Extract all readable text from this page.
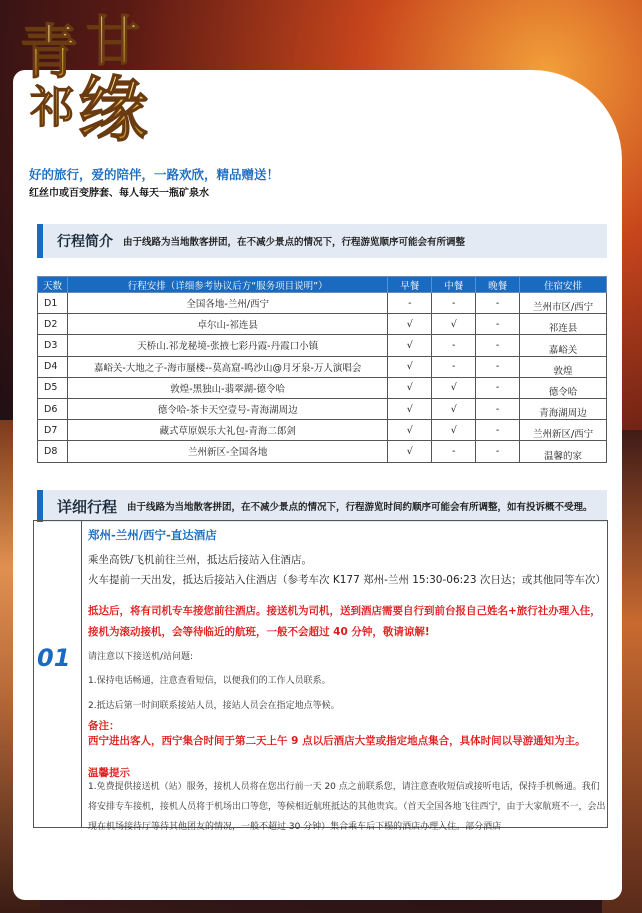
青 甘
祁 缘
好的旅行，爱的陪伴，一路欢欣，精品赠送！
红丝巾或百变脖套、每人每天一瓶矿泉水
行程简介 由于线路为当地散客拼团，在不减少景点的情况下，行程游览顺序可能会有所调整
天数	行程安排（详细参考协议后方“服务项目说明”）	早餐	中餐	晚餐	住宿安排
D1	全国各地-兰州/西宁	-	-	-	兰州市区/西宁
D2	卓尔山-祁连县	√	√	-	祁连县
D3	天桥山.祁龙秘境-张掖七彩丹霞-丹霞口小镇	√	-	-	嘉峪关
D4	嘉峪关-大地之子-海市蜃楼--莫高窟-鸣沙山@月牙泉-万人演唱会	√	-	-	敦煌
D5	敦煌-黑独山-翡翠湖-德令哈	√	√	-	德令哈
D6	德令哈-茶卡天空壹号-青海湖周边	√	√	-	青海湖周边
D7	藏式草原娱乐大礼包-青海二郎剑	√	√	-	兰州新区/西宁
D8	兰州新区-全国各地	√	-	-	温馨的家
详细行程 由于线路为当地散客拼团，在不减少景点的情况下，行程游览时间约顺序可能会有所调整，如有投诉概不受理。
01

郑州-兰州/西宁-直达酒店

乘坐高铁/飞机前往兰州，抵达后接站入住酒店。

火车提前一天出发，抵达后接站入住酒店（参考车次 K177 郑州-兰州 15:30-06:23 次日达；或其他同等车次）

抵达后，将有司机专车接您前往酒店。接送机为司机，送到酒店需要自行到前台报自己姓名+旅行社办理入住，接机为滚动接机，会等待临近的航班，一般不会超过 40 分钟，敬请谅解!

请注意以下接送机/站问题:

1.保持电话畅通，注意查看短信，以便我们的工作人员联系。

2.抵达后第一时间联系接站人员，接站人员会在指定地点等候。

备注：

西宁进出客人，西宁集合时间于第二天上午 9 点以后酒店大堂或指定地点集合，具体时间以导游通知为主。

温馨提示

1.免费提供接送机（站）服务，接机人员将在您出行前一天 20 点之前联系您，请注意查收短信或接听电话，保持手机畅通。我们将安排专车接机，接机人员将于机场出口等您，等候相近航班抵达的其他贵宾。（首天全国各地飞往西宁，由于大家航班不一，会出现在机场接待厅等待其他团友的情况，一般不超过 30 分钟）集合乘车后下榻的酒店办理入住。部分酒店
